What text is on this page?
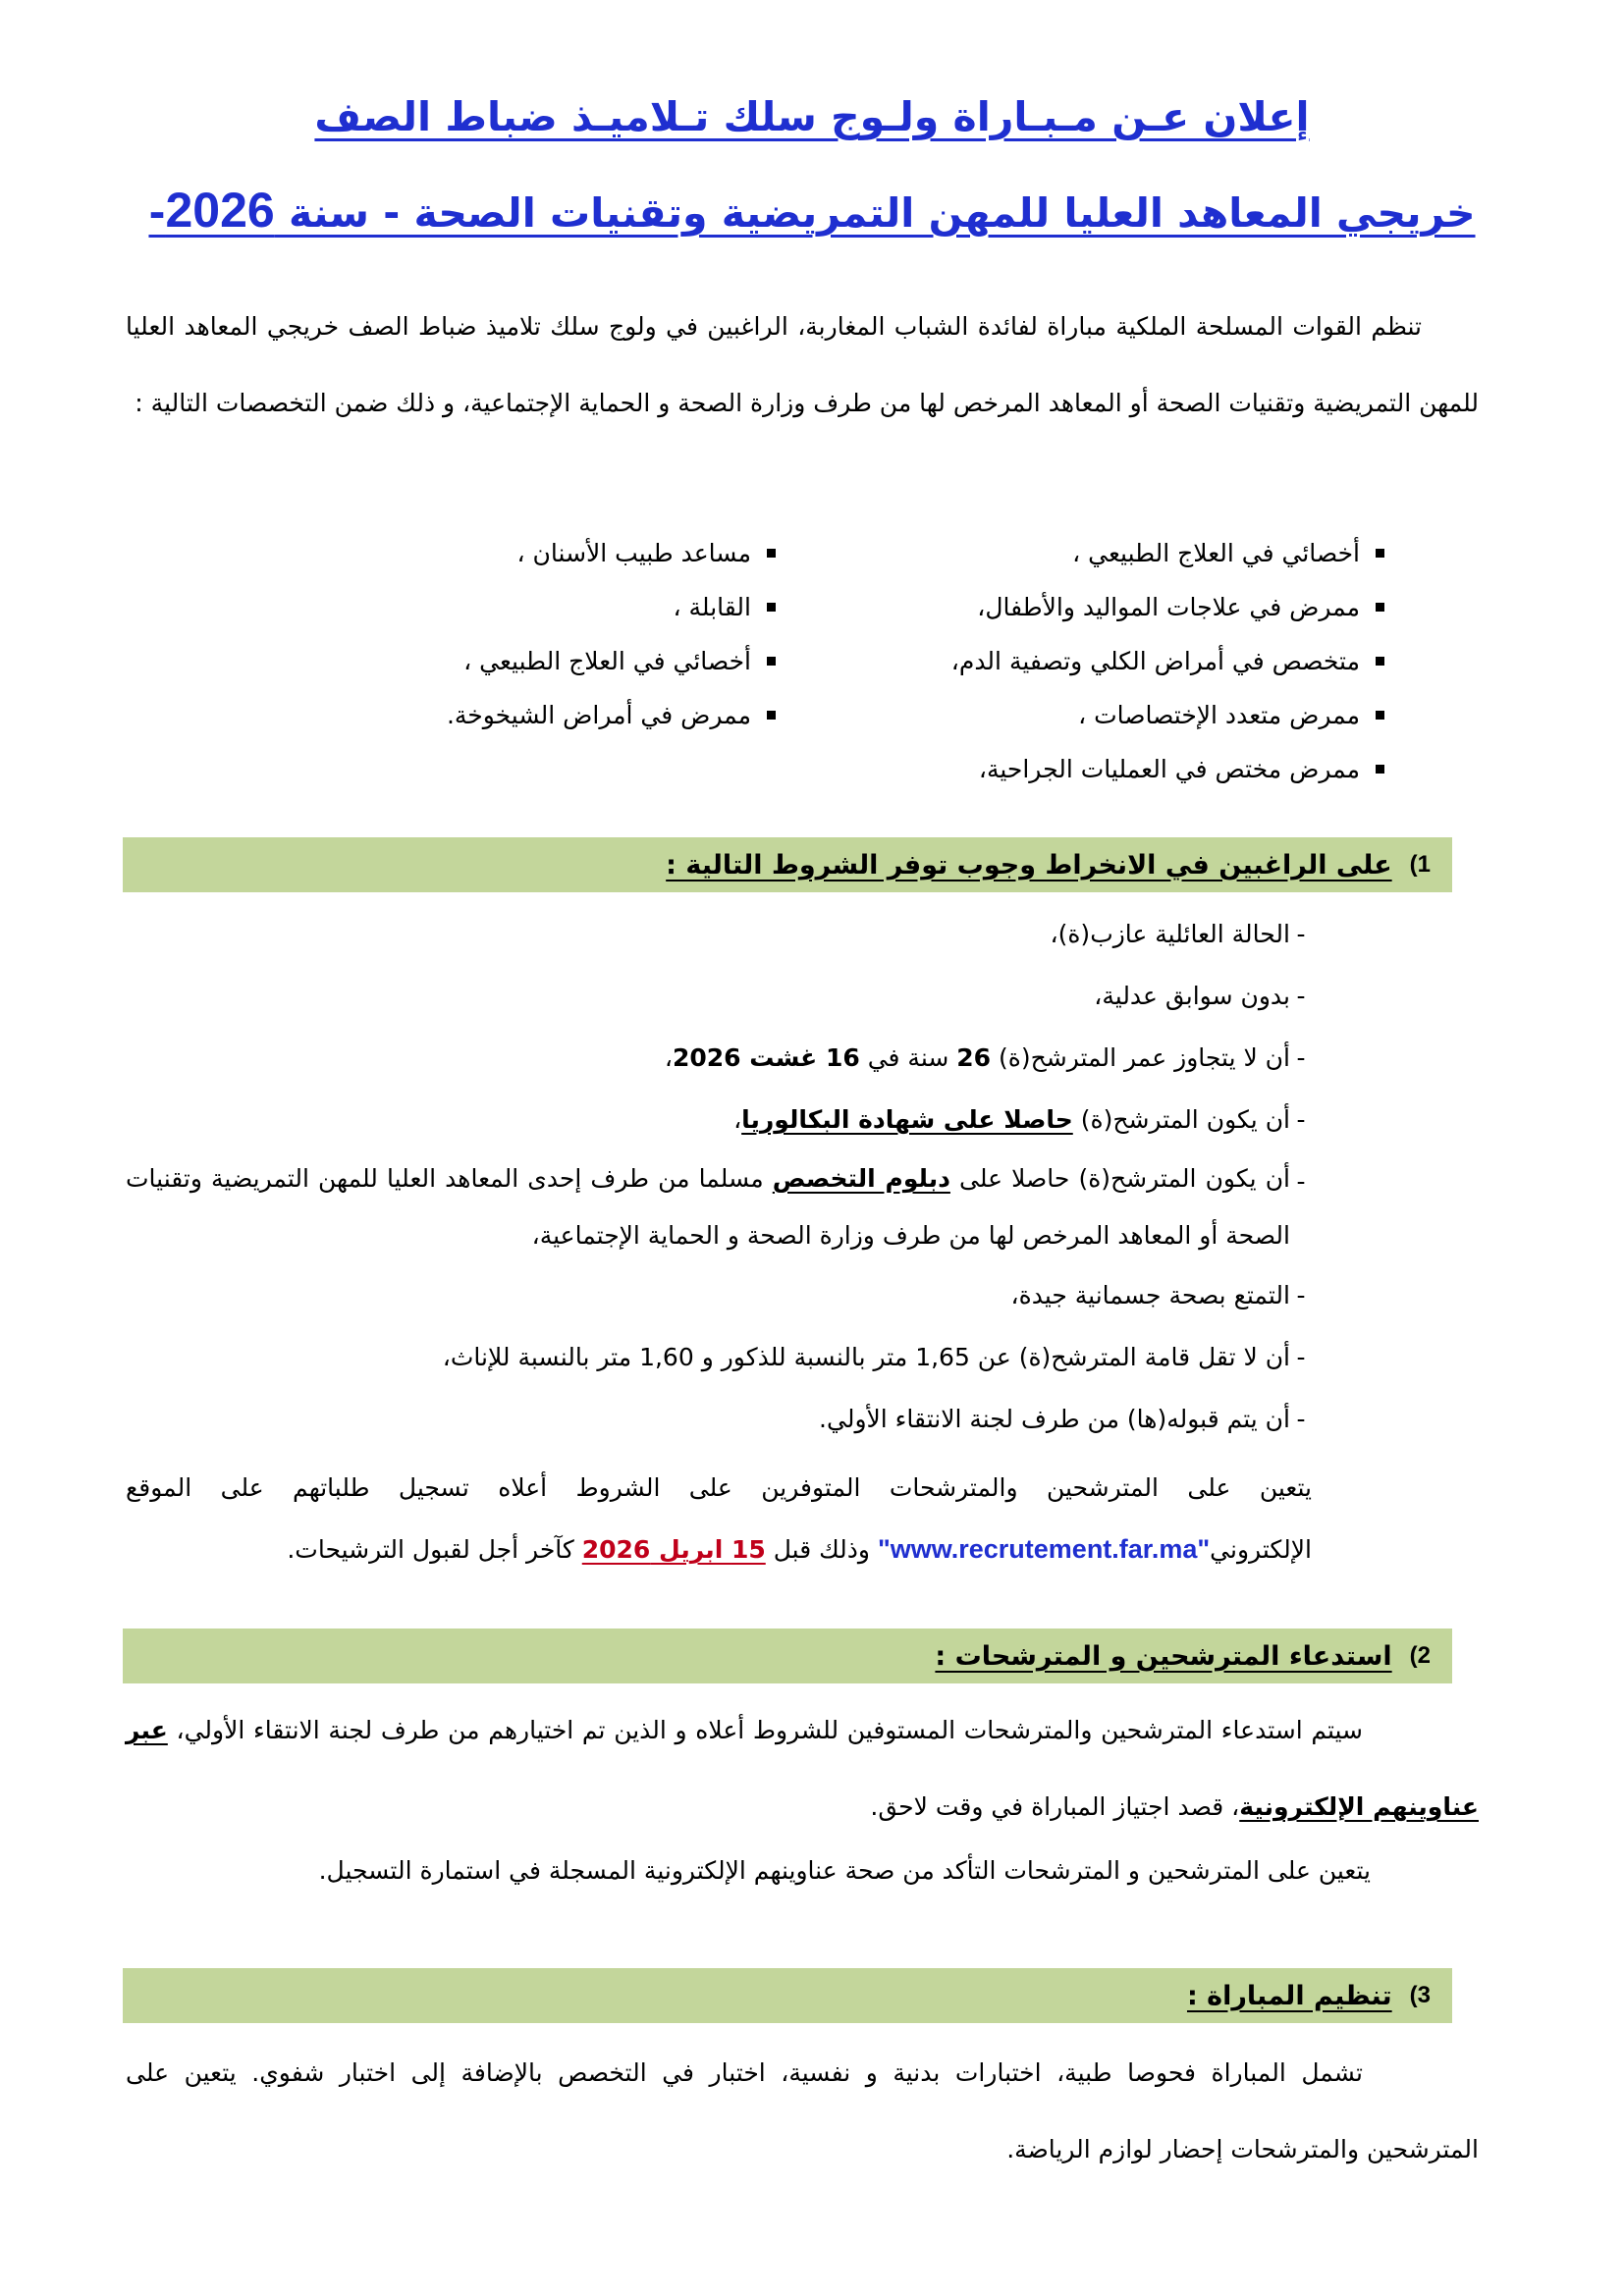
إعلان عـن مـبـاراة ولـوج سلك تـلاميـذ ضباط الصف
خريجي المعاهد العليا للمهن التمريضية وتقنيات الصحة - سنة 2026-
تنظم القوات المسلحة الملكية مباراة لفائدة الشباب المغاربة، الراغبين في ولوج سلك تلاميذ ضباط الصف خريجي المعاهد العليا للمهن التمريضية وتقنيات الصحة أو المعاهد المرخص لها من طرف وزارة الصحة و الحماية الإجتماعية، و ذلك ضمن التخصصات التالية :
أخصائي في العلاج الطبيعي ،
ممرض في علاجات المواليد والأطفال،
متخصص في أمراض الكلي وتصفية الدم،
ممرض متعدد الإختصاصات ،
ممرض مختص في العمليات الجراحية،
مساعد طبيب الأسنان ،
القابلة ،
أخصائي في العلاج الطبيعي ،
ممرض في أمراض الشيخوخة.
1)
على الراغبين في الانخراط وجوب توفر الشروط التالية :
-
الحالة العائلية عازب(ة)،
-
بدون سوابق عدلية،
-
أن لا يتجاوز عمر المترشح(ة) 26 سنة في 16 غشت 2026،
-
أن يكون المترشح(ة) حاصلا على شهادة البكالوريا،
-
أن يكون المترشح(ة) حاصلا على دبلوم التخصص مسلما من طرف إحدى المعاهد العليا للمهن التمريضية وتقنيات الصحة أو المعاهد المرخص لها من طرف وزارة الصحة و الحماية الإجتماعية،
-
التمتع بصحة جسمانية جيدة،
-
أن لا تقل قامة المترشح(ة) عن 1,65 متر بالنسبة للذكور و 1,60 متر بالنسبة للإناث،
-
أن يتم قبوله(ها) من طرف لجنة الانتقاء الأولي.
يتعين على المترشحين والمترشحات المتوفرين على الشروط أعلاه تسجيل طلباتهم على الموقع الإلكتروني"www.recrutement.far.ma" وذلك قبل 15 ابريل 2026 كآخر أجل لقبول الترشيحات.
2)
استدعاء المترشحين و المترشحات :
سيتم استدعاء المترشحين والمترشحات المستوفين للشروط أعلاه و الذين تم اختيارهم من طرف لجنة الانتقاء الأولي، عبر عناوينهم الإلكترونية، قصد اجتياز المباراة في وقت لاحق.
يتعين على المترشحين و المترشحات التأكد من صحة عناوينهم الإلكترونية المسجلة في استمارة التسجيل.
3)
تنظيم المباراة :
تشمل المباراة فحوصا طبية، اختبارات بدنية و نفسية، اختبار في التخصص بالإضافة إلى اختبار شفوي. يتعين على المترشحين والمترشحات إحضار لوازم الرياضة.
